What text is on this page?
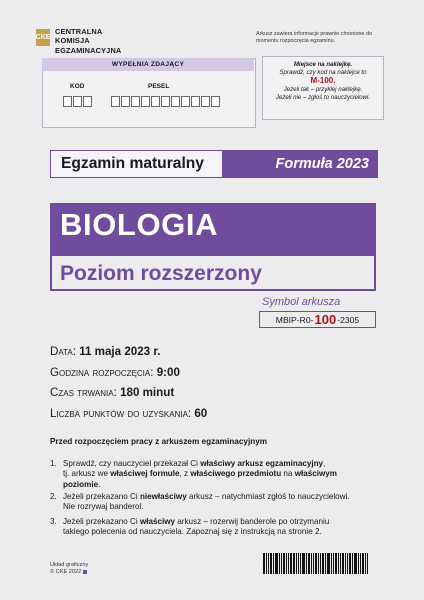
CKE
CENTRALNA
KOMISJA
EGZAMINACYJNA
Arkusz zawiera informacje prawnie chronione do momentu rozpoczęcia egzaminu.
WYPEŁNIA ZDAJĄCY
KOD	PESEL
Miejsce na naklejkę.
Sprawdź, czy kod na naklejce to
M-100.
Jeżeli tak – przyklej naklejkę.
Jeżeli nie – zgłoś to nauczycielowi.
Egzamin maturalny	Formuła 2023
BIOLOGIA
Poziom rozszerzony
Symbol arkusza
MBIP-R0- 100 -2305
Data: 11 maja 2023 r.
Godzina rozpoczęcia: 9:00
Czas trwania: 180 minut
Liczba punktów do uzyskania: 60
Przed rozpoczęciem pracy z arkuszem egzaminacyjnym
1. Sprawdź, czy nauczyciel przekazał Ci właściwy arkusz egzaminacyjny,
tj. arkusz we właściwej formule, z właściwego przedmiotu na właściwym
poziomie.
2. Jeżeli przekazano Ci niewłaściwy arkusz – natychmiast zgłoś to nauczycielowi.
Nie rozrywaj banderol.
3. Jeżeli przekazano Ci właściwy arkusz – rozerwij banderole po otrzymaniu
takiego polecenia od nauczyciela. Zapoznaj się z instrukcją na stronie 2.
Układ graficzny
© CKE 2022
